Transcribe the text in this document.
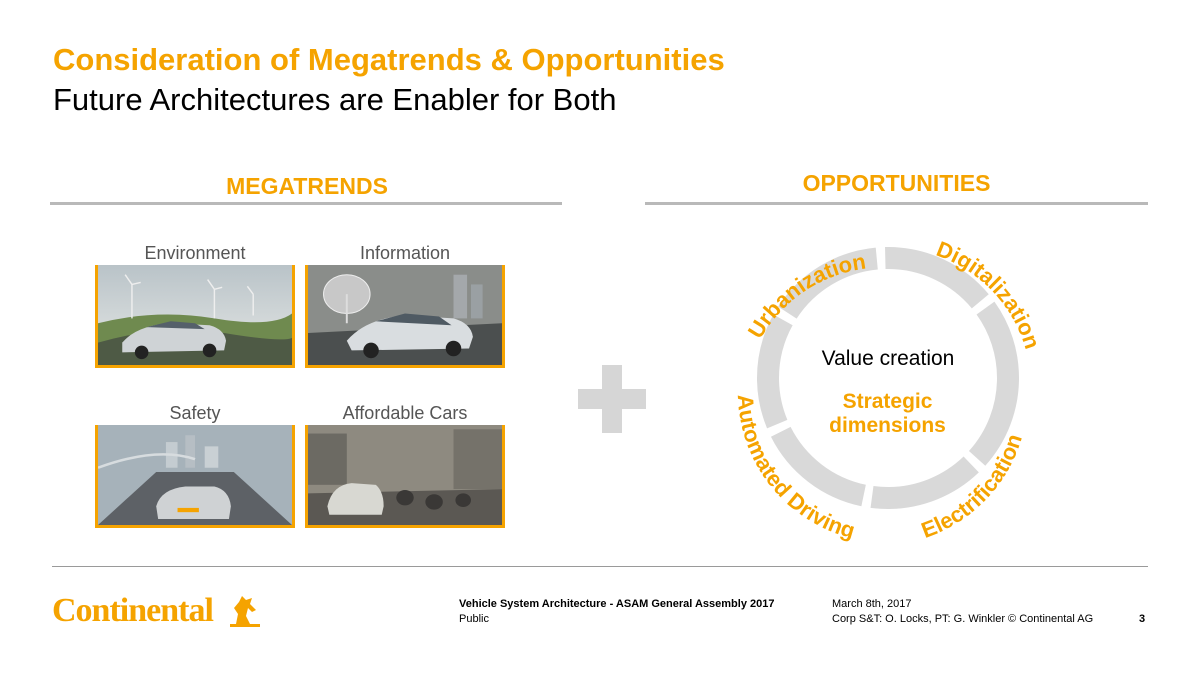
Consideration of Megatrends & Opportunities
Future Architectures are Enabler for Both
MEGATRENDS
Environment	Information
Safety	Affordable Cars
OPPORTUNITIES
Urbanization	Digitalization
Electrification
Automated Driving
Value creation
Strategic dimensions
Continental	Vehicle System Architecture - ASAM General Assembly 2017
Public
March 8th, 2017
Corp S&T: O. Locks, PT: G. Winkler © Continental AG	3
